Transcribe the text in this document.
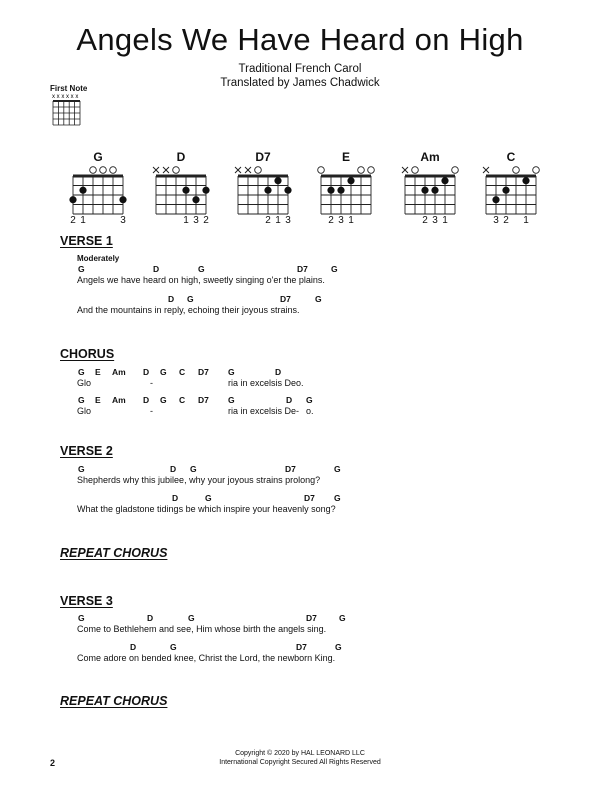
Angels We Have Heard on High
Traditional French Carol
Translated by James Chadwick
First Note
x x x x x x
G
2 1	3
D
1 3 2
D7
2 1 3
E
2 3 1
Am
2 3 1
C
3 2 1
VERSE 1
Moderately
G	D	G	D7	G
Angels we have heard on high, sweetly singing o'er the plains.
D G	D7	G
And the mountains in reply, echoing their joyous strains.
CHORUS
G E Am D G C D7 G	D
Glo	-	ria in excelsis Deo.
G E Am D G C D7 G	D G
Glo	-	ria in excelsis De - o.
VERSE 2
G	D G	D7	G
Shepherds why this jubilee, why your joyous strains prolong?
D	G	D7 G
What the gladstone tidings be which inspire your heavenly song?
REPEAT CHORUS
VERSE 3
G	D	G	D7	G
Come to Bethlehem and see, Him whose birth the angels sing.
D	G	D7	G
Come adore on bended knee, Christ the Lord, the newborn King.
REPEAT CHORUS
2
Copyright © 2020 by HAL LEONARD LLC
International Copyright Secured All Rights Reserved
